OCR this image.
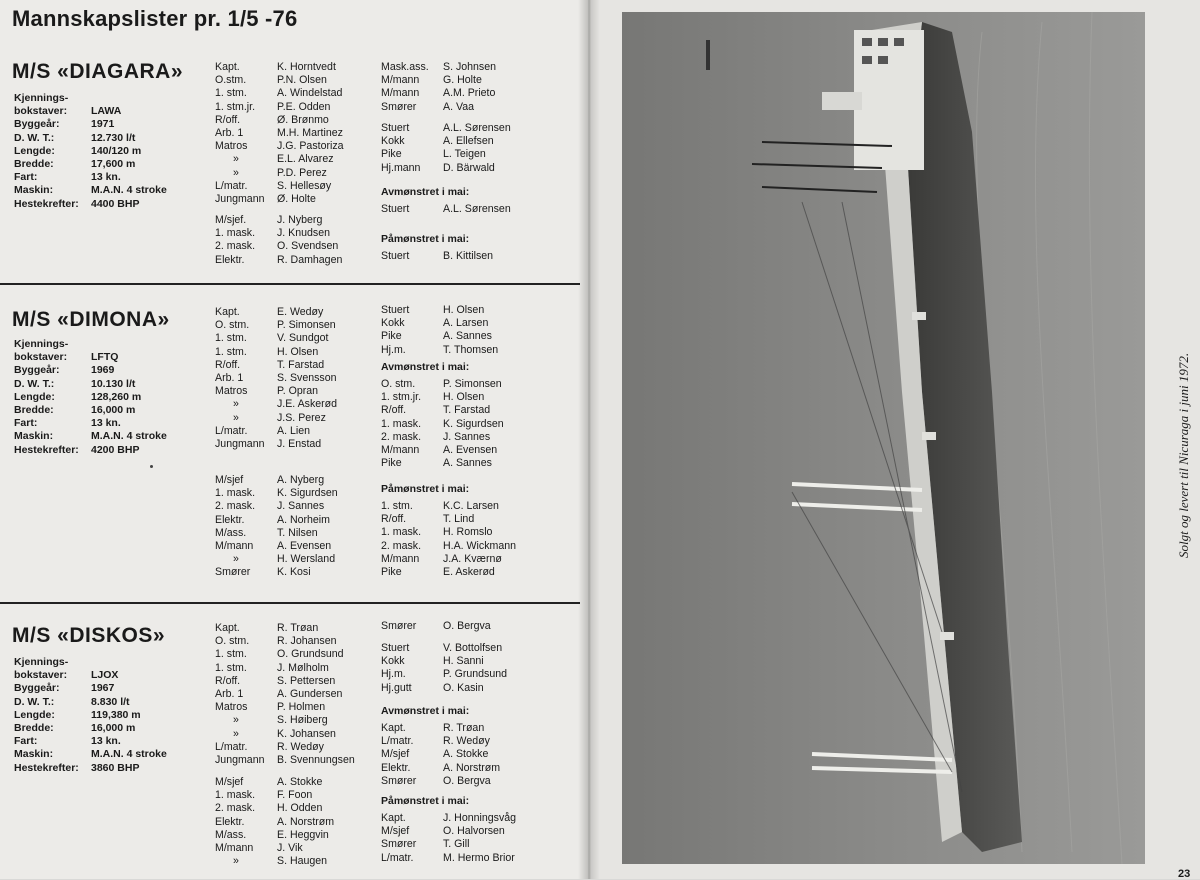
Mannskapslister pr. 1/5 -76
M/S «DIAGARA»
Kjennings-
bokstaver: LAWA
Byggeår:	1971
D. W. T.:	12.730 l/t
Lengde:	140/120 m
Bredde:	17,600 m
Fart:	13 kn.
Maskin:	M.A.N. 4 stroke
Hestekrefter: 4400 BHP
Kapt.	K. Horntvedt
O.stm.	P.N. Olsen
1. stm.	A. Windelstad
1. stm.jr. P.E. Odden
R/off.	Ø. Brønmo
Arb. 1	M.H. Martinez
Matros	J.G. Pastoriza
»	E.L. Alvarez
»	P.D. Perez
L/matr.	S. Hellesøy
Jungmann Ø. Holte
M/sjef.	J. Nyberg
1. mask. J. Knudsen
2. mask. O. Svendsen
Elektr.	R. Damhagen
Mask.ass. S. Johnsen
M/mann G. Holte
M/mann A.M. Prieto
Smører	A. Vaa
Stuert	A.L. Sørensen
Kokk	A. Ellefsen
Pike	L. Teigen
Hj.mann D. Bärwald
Avmønstret i mai:
Stuert	A.L. Sørensen
Påmønstret i mai:
Stuert	B. Kittilsen
M/S «DIMONA»
Kjennings-
bokstaver: LFTQ
Byggeår:	1969
D. W. T.:	10.130 l/t
Lengde:	128,260 m
Bredde:	16,000 m
Fart:	13 kn.
Maskin:	M.A.N. 4 stroke
Hestekrefter: 4200 BHP
Kapt.	E. Wedøy
O. stm.	P. Simonsen
1. stm.	V. Sundgot
1. stm.	H. Olsen
R/off.	T. Farstad
Arb. 1	S. Svensson
Matros	P. Opran
»	J.E. Askerød
»	J.S. Perez
L/matr.	A. Lien
Jungmann J. Enstad
M/sjef	A. Nyberg
1. mask. K. Sigurdsen
2. mask. J. Sannes
Elektr.	A. Norheim
M/ass.	T. Nilsen
M/mann A. Evensen
»	H. Wersland
Smører	K. Kosi
Stuert	H. Olsen
Kokk	A. Larsen
Pike	A. Sannes
Hj.m.	T. Thomsen
Avmønstret i mai:
O. stm.	P. Simonsen
1. stm.jr. H. Olsen
R/off.	T. Farstad
1. mask. K. Sigurdsen
2. mask. J. Sannes
M/mann A. Evensen
Pike	A. Sannes
Påmønstret i mai:
1. stm.	K.C. Larsen
R/off.	T. Lind
1. mask. H. Romslo
2. mask. H.A. Wickmann
M/mann J.A. Kværnø
Pike	E. Askerød
M/S «DISKOS»
Kjennings-
bokstaver: LJOX
Byggeår:	1967
D. W. T.:	8.830 l/t
Lengde:	119,380 m
Bredde:	16,000 m
Fart:	13 kn.
Maskin:	M.A.N. 4 stroke
Hestekrefter: 3860 BHP
Kapt.	R. Trøan
O. stm.	R. Johansen
1. stm.	O. Grundsund
1. stm.	J. Mølholm
R/off.	S. Pettersen
Arb. 1	A. Gundersen
Matros	P. Holmen
»	S. Høiberg
»	K. Johansen
L/matr.	R. Wedøy
Jungmann B. Svennungsen
M/sjef	A. Stokke
1. mask. F. Foon
2. mask. H. Odden
Elektr.	A. Norstrøm
M/ass.	E. Heggvin
M/mann J. Vik
»	S. Haugen
Smører	O. Bergva
Stuert	V. Bottolfsen
Kokk	H. Sanni
Hj.m.	P. Grundsund
Hj.gutt	O. Kasin
Avmønstret i mai:
Kapt.	R. Trøan
L/matr.	R. Wedøy
M/sjef	A. Stokke
Elektr.	A. Norstrøm
Smører	O. Bergva
Påmønstret i mai:
Kapt.	J. Honningsvåg
M/sjef	O. Halvorsen
Smører	T. Gill
L/matr.	M. Hermo Brior
Solgt og levert til Nicuraga i juni 1972.
23
